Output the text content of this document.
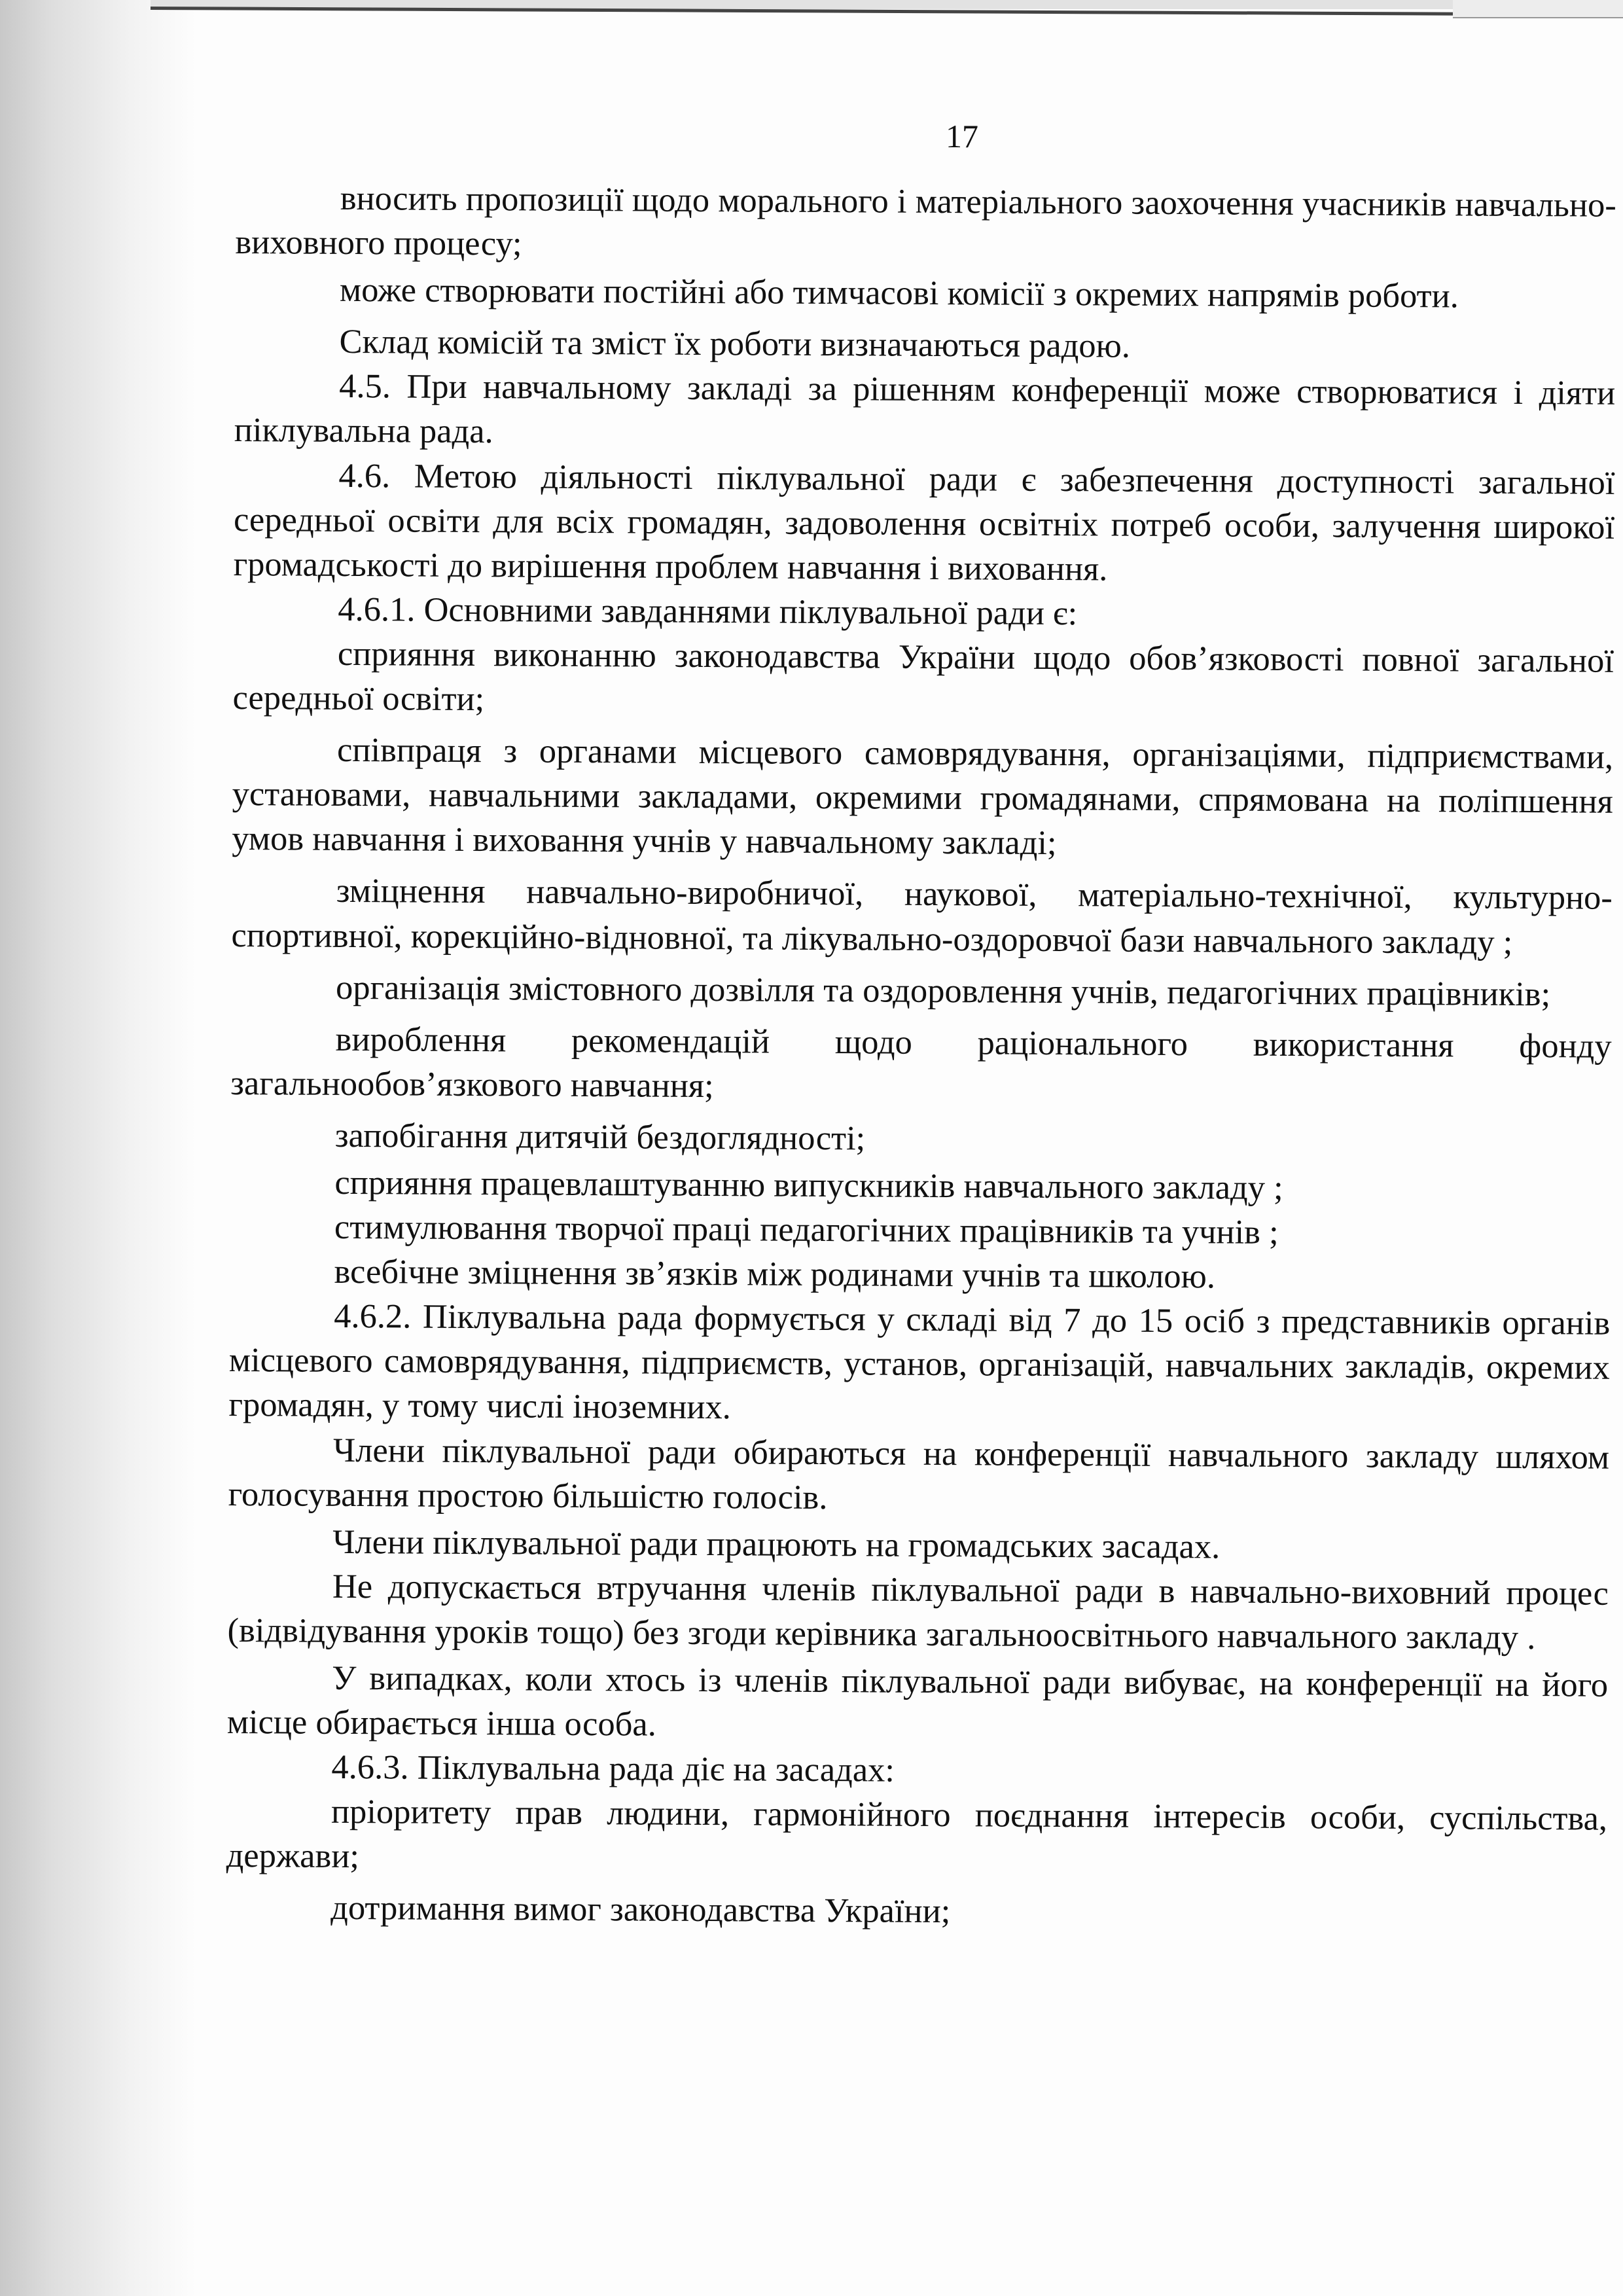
17

вносить пропозиції щодо морального і матеріального заохочення учасників навчально-виховного процесу;

може створювати постійні або тимчасові комісії з окремих напрямів роботи.

Склад комісій та зміст їх роботи визначаються радою.

4.5. При навчальному закладі за рішенням конференції може створюватися і діяти піклувальна рада.

4.6. Метою діяльності піклувальної ради є забезпечення доступності загальної середньої освіти для всіх громадян, задоволення освітніх потреб особи, залучення широкої громадськості до вирішення проблем навчання і виховання.

4.6.1. Основними завданнями піклувальної ради є:

сприяння виконанню законодавства України щодо обов’язковості повної загальної середньої освіти;

співпраця з органами місцевого самоврядування, організаціями, підприємствами, установами, навчальними закладами, окремими громадянами, спрямована на поліпшення умов навчання і виховання учнів у навчальному закладі;

зміцнення навчально-виробничої, наукової, матеріально-технічної, культурно-спортивної, корекційно-відновної, та лікувально-оздоровчої бази навчального закладу ;

організація змістовного дозвілля та оздоровлення учнів, педагогічних працівників;

вироблення рекомендацій щодо раціонального використання фонду загальнообов’язкового навчання;

запобігання дитячій бездоглядності;

сприяння працевлаштуванню випускників навчального закладу ;

стимулювання творчої праці педагогічних працівників та учнів ;

всебічне зміцнення зв’язків між родинами учнів та школою.

4.6.2. Піклувальна рада формується у складі від 7 до 15 осіб з представників органів місцевого самоврядування, підприємств, установ, організацій, навчальних закладів, окремих громадян, у тому числі іноземних.

Члени піклувальної ради обираються на конференції навчального закладу шляхом голосування простою більшістю голосів.

Члени піклувальної ради працюють на громадських засадах.

Не допускається втручання членів піклувальної ради в навчально-виховний процес (відвідування уроків тощо) без згоди керівника загальноосвітнього навчального закладу .

У випадках, коли хтось із членів піклувальної ради вибуває, на конференції на його місце обирається інша особа.

4.6.3. Піклувальна рада діє на засадах:

пріоритету прав людини, гармонійного поєднання інтересів особи, суспільства, держави;

дотримання вимог законодавства України;
